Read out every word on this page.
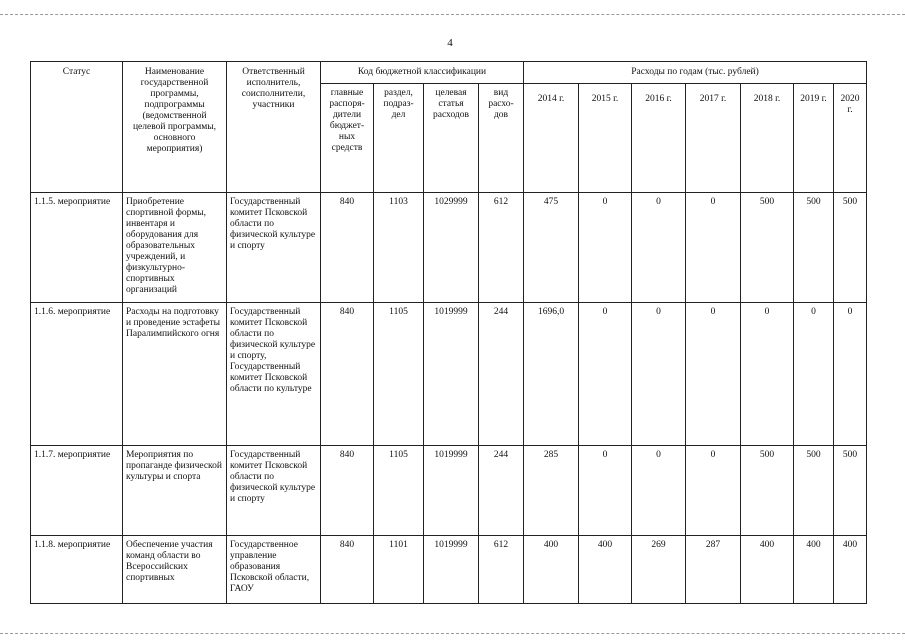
4
Статус	Наименование государственной программы, подпрограммы (ведомственной целевой программы, основного мероприятия)	Ответственный исполнитель, соисполнители, участники	Код бюджетной классификации				Расходы по годам (тыс. рублей)						
			главные распоря-дители бюджет-ных средств	раздел, подраз-дел	целевая статья расходов	вид расхо-дов	2014 г.	2015 г.	2016 г.	2017 г.	2018 г.	2019 г.	2020 г.
1.1.5. мероприятие	Приобретение спортивной формы, инвентаря и оборудования для образовательных учреждений, и физкультурно-спортивных организаций	Государственный комитет Псковской области по физической культуре и спорту	840	1103	1029999	612	475	0	0	0	500	500	500
1.1.6. мероприятие	Расходы на подготовку и проведение эстафеты Паралимпийского огня	Государственный комитет Псковской области по физической культуре и спорту, Государственный комитет Псковской области по культуре	840	1105	1019999	244	1696,0	0	0	0	0	0	0
1.1.7. мероприятие	Мероприятия по пропаганде физической культуры и спорта	Государственный комитет Псковской области по физической культуре и спорту	840	1105	1019999	244	285	0	0	0	500	500	500
1.1.8. мероприятие	Обеспечение участия команд области во Всероссийских спортивных	Государственное управление образования Псковской области, ГАОУ	840	1101	1019999	612	400	400	269	287	400	400	400
